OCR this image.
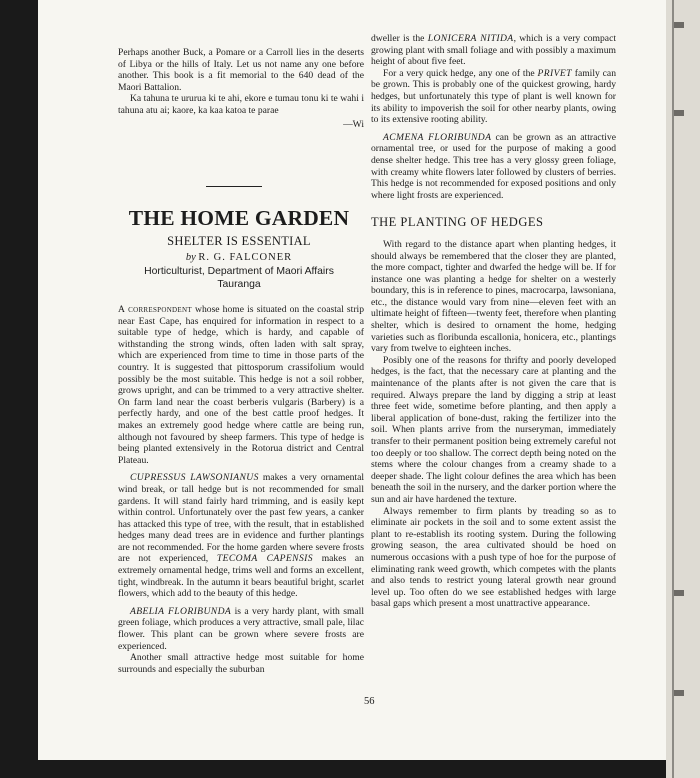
Perhaps another Buck, a Pomare or a Carroll lies in the deserts of Libya or the hills of Italy. Let us not name any one before another. This book is a fit memorial to the 640 dead of the Maori Battalion.

Ka tahuna te ururua ki te ahi, ekore e tumau tonu ki te wahi i tahuna atu ai; kaore, ka kaa katoa te parae

—Wi
THE HOME GARDEN
SHELTER IS ESSENTIAL
by R. G. FALCONER
Horticulturist, Department of Maori Affairs
Tauranga

A correspondent whose home is situated on the coastal strip near East Cape, has enquired for information in respect to a suitable type of hedge, which is hardy, and capable of withstanding the strong winds, often laden with salt spray, which are experienced from time to time in those parts of the country. It is suggested that pittosporum crassifolium would possibly be the most suitable. This hedge is not a soil robber, grows upright, and can be trimmed to a very attractive shelter. On farm land near the coast berberis vulgaris (Barbery) is a perfectly hardy, and one of the best cattle proof hedges. It makes an extremely good hedge where cattle are being run, although not favoured by sheep farmers. This type of hedge is being planted extensively in the Rotorua district and Central Plateau.

CUPRESSUS LAWSONIANUS makes a very ornamental wind break, or tall hedge but is not recommended for small gardens. It will stand fairly hard trimming, and is easily kept within control. Unfortunately over the past few years, a canker has attacked this type of tree, with the result, that in established hedges many dead trees are in evidence and further plantings are not recommended. For the home garden where severe frosts are not experienced, TECOMA CAPENSIS makes an extremely ornamental hedge, trims well and forms an excellent, tight, windbreak. In the autumn it bears beautiful bright, scarlet flowers, which add to the beauty of this hedge.

ABELIA FLORIBUNDA is a very hardy plant, with small green foliage, which produces a very attractive, small pale, lilac flower. This plant can be grown where severe frosts are experienced.

Another small attractive hedge most suitable for home surrounds and especially the suburban

dweller is the LONICERA NITIDA, which is a very compact growing plant with small foliage and with possibly a maximum height of about five feet.

For a very quick hedge, any one of the PRIVET family can be grown. This is probably one of the quickest growing, hardy hedges, but unfortunately this type of plant is well known for its ability to impoverish the soil for other nearby plants, owing to its extensive rooting ability.

ACMENA FLORIBUNDA can be grown as an attractive ornamental tree, or used for the purpose of making a good dense shelter hedge. This tree has a very glossy green foliage, with creamy white flowers later followed by clusters of berries. This hedge is not recommended for exposed positions and only where light frosts are experienced.

THE PLANTING OF HEDGES

With regard to the distance apart when planting hedges, it should always be remembered that the closer they are planted, the more compact, tighter and dwarfed the hedge will be. If for instance one was planting a hedge for shelter on a westerly boundary, this is in reference to pines, macrocarpa, lawsoniana, etc., the distance would vary from nine—eleven feet with an ultimate height of fifteen—twenty feet, therefore when planting shelter, which is desired to ornament the home, hedging varieties such as floribunda escallonia, honicera, etc., plantings vary from twelve to eighteen inches.

Posibly one of the reasons for thrifty and poorly developed hedges, is the fact, that the necessary care at planting and the maintenance of the plants after is not given the care that is required. Always prepare the land by digging a strip at least three feet wide, sometime before planting, and then apply a liberal application of bone-dust, raking the fertilizer into the soil. When plants arrive from the nurseryman, immediately transfer to their permanent position being extremely careful not too deeply or too shallow. The correct depth being noted on the stems where the colour changes from a creamy shade to a deeper shade. The light colour defines the area which has been beneath the soil in the nursery, and the darker portion where the sun and air have hardened the texture.

Always remember to firm plants by treading so as to eliminate air pockets in the soil and to some extent assist the plant to re-establish its rooting system. During the following growing season, the area cultivated should be hoed on numerous occasions with a push type of hoe for the purpose of eliminating rank weed growth, which competes with the plants and also tends to restrict young lateral growth near ground level up. Too often do we see established hedges with large basal gaps which present a most unattractive appearance.

56
